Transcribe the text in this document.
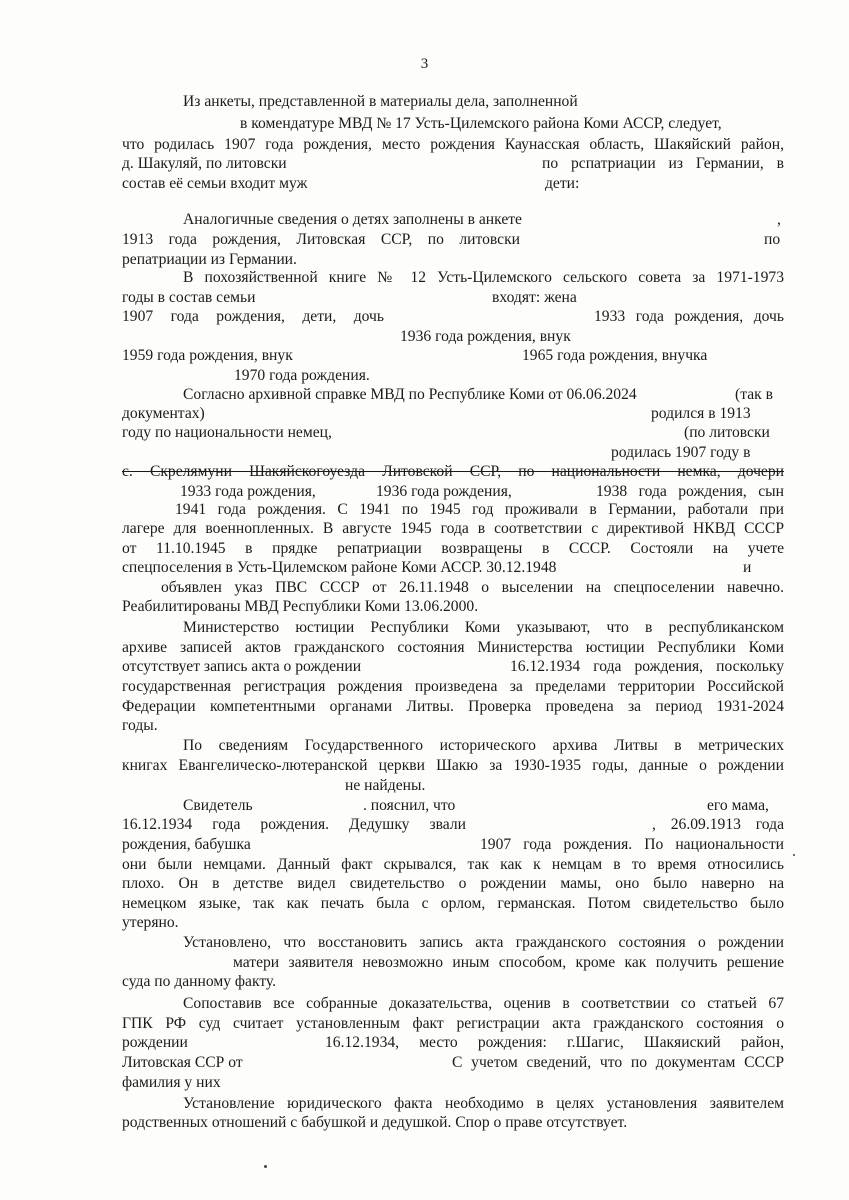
3
Из анкеты, представленной в материалы дела, заполненной
в комендатуре МВД № 17 Усть-Цилемского района Коми АССР, следует,
что родилась 1907 года рождения, место рождения Каунасская область, Шакяйский район,
д. Шакуляй, по литовски	по рспатриации из Германии, в
состав её семьи входит муж	дети:
Аналогичные сведения о детях заполнены в анкете	,
1913 года рождения, Литовская ССР, по литовски	по
репатриации из Германии.
В похозяйственной книге № 12 Усть-Цилемского сельского совета за 1971-1973
годы в состав семьи	входят: жена
1907 года рождения, дети, дочь	1933 года рождения, дочь
1936 года рождения, внук
1959 года рождения, внук	1965 года рождения, внучка
1970 года рождения.
Согласно архивной справке МВД по Республике Коми от 06.06.2024	(так в
документах)	родился в 1913
году по национальности немец,	(по литовски
родилась 1907 году в
с. Скрелямуни Шакяйскогоуезда Литовской ССР, по национальности немка, дочери
1933 года рождения,	1936 года рождения,	1938 года рождения, сын
1941 года рождения. С 1941 по 1945 год проживали в Германии, работали при
лагере для военнопленных. В августе 1945 года в соответствии с директивой НКВД СССР
от 11.10.1945 в прядке репатриации возвращены в СССР. Состояли на учете
спецпоселения в Усть-Цилемском районе Коми АССР. 30.12.1948	и
объявлен указ ПВС СССР от 26.11.1948 о выселении на спецпоселении навечно.
Реабилитированы МВД Республики Коми 13.06.2000.
Министерство юстиции Республики Коми указывают, что в республиканском
архиве записей актов гражданского состояния Министерства юстиции Республики Коми
отсутствует запись акта о рождении	16.12.1934 года рождения, поскольку
государственная регистрация рождения произведена за пределами территории Российской
Федерации компетентными органами Литвы. Проверка проведена за период 1931-2024
годы.
По сведениям Государственного исторического архива Литвы в метрических
книгах Евангелическо-лютеранской церкви Шакю за 1930-1935 годы, данные о рождении
не найдены.
Свидетель	. пояснил, что	его мама,
16.12.1934 года рождения. Дедушку звали	, 26.09.1913 года
рождения, бабушка	1907 года рождения. По национальности
они были немцами. Данный факт скрывался, так как к немцам в то время относились
плохо. Он в детстве видел свидетельство о рождении мамы, оно было наверно на
немецком языке, так как печать была с орлом, германская. Потом свидетельство было
утеряно.
Установлено, что восстановить запись акта гражданского состояния о рождении
матери заявителя невозможно иным способом, кроме как получить решение
суда по данному факту.
Сопоставив все собранные доказательства, оценив в соответствии со статьей 67
ГПК РФ суд считает установленным факт регистрации акта гражданского состояния о
рождении	16.12.1934, место рождения: г.Шагис, Шакяиский район,
Литовская ССР от	С учетом сведений, что по документам СССР
фамилия у них
Установление юридического факта необходимо в целях установления заявителем
родственных отношений с бабушкой и дедушкой. Спор о праве отсутствует.
